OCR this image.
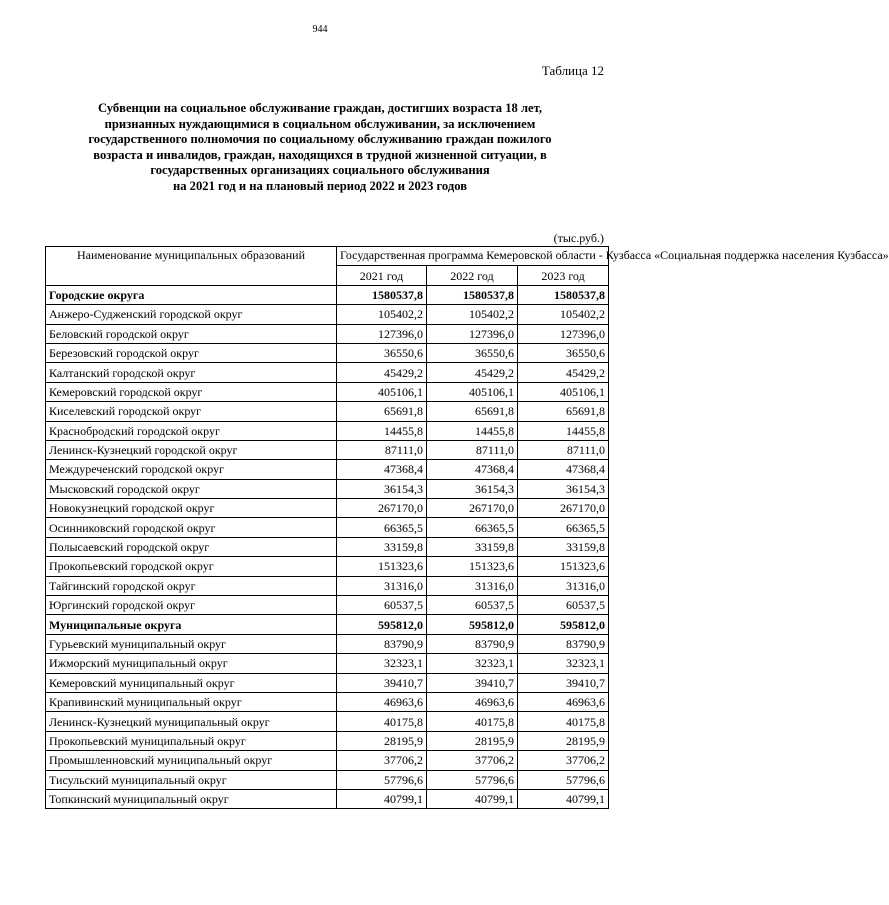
944
Таблица 12
Субвенции на социальное обслуживание граждан, достигших возраста 18 лет,
признанных нуждающимися в социальном обслуживании, за исключением
государственного полномочия по социальному обслуживанию граждан пожилого
возраста и инвалидов, граждан, находящихся в трудной жизненной ситуации, в
государственных организациях социального обслуживания
на 2021 год и на плановый период 2022 и 2023 годов
(тыс.руб.)
Наименование муниципальных образований	Государственная программа Кемеровской области - Кузбасса «Социальная поддержка населения Кузбасса»		
	2021 год	2022 год	2023 год
Городские округа	1580537,8	1580537,8	1580537,8
Анжеро-Судженский городской округ	105402,2	105402,2	105402,2
Беловский городской округ	127396,0	127396,0	127396,0
Березовский городской округ	36550,6	36550,6	36550,6
Калтанский городской округ	45429,2	45429,2	45429,2
Кемеровский городской округ	405106,1	405106,1	405106,1
Киселевский городской округ	65691,8	65691,8	65691,8
Краснобродский городской округ	14455,8	14455,8	14455,8
Ленинск-Кузнецкий городской округ	87111,0	87111,0	87111,0
Междуреченский городской округ	47368,4	47368,4	47368,4
Мысковский городской округ	36154,3	36154,3	36154,3
Новокузнецкий городской округ	267170,0	267170,0	267170,0
Осинниковский городской округ	66365,5	66365,5	66365,5
Полысаевский городской округ	33159,8	33159,8	33159,8
Прокопьевский городской округ	151323,6	151323,6	151323,6
Тайгинский городской округ	31316,0	31316,0	31316,0
Юргинский городской округ	60537,5	60537,5	60537,5
Муниципальные округа	595812,0	595812,0	595812,0
Гурьевский муниципальный округ	83790,9	83790,9	83790,9
Ижморский муниципальный округ	32323,1	32323,1	32323,1
Кемеровский муниципальный округ	39410,7	39410,7	39410,7
Крапивинский муниципальный округ	46963,6	46963,6	46963,6
Ленинск-Кузнецкий муниципальный округ	40175,8	40175,8	40175,8
Прокопьевский муниципальный округ	28195,9	28195,9	28195,9
Промышленновский муниципальный округ	37706,2	37706,2	37706,2
Тисульский муниципальный округ	57796,6	57796,6	57796,6
Топкинский муниципальный округ	40799,1	40799,1	40799,1
